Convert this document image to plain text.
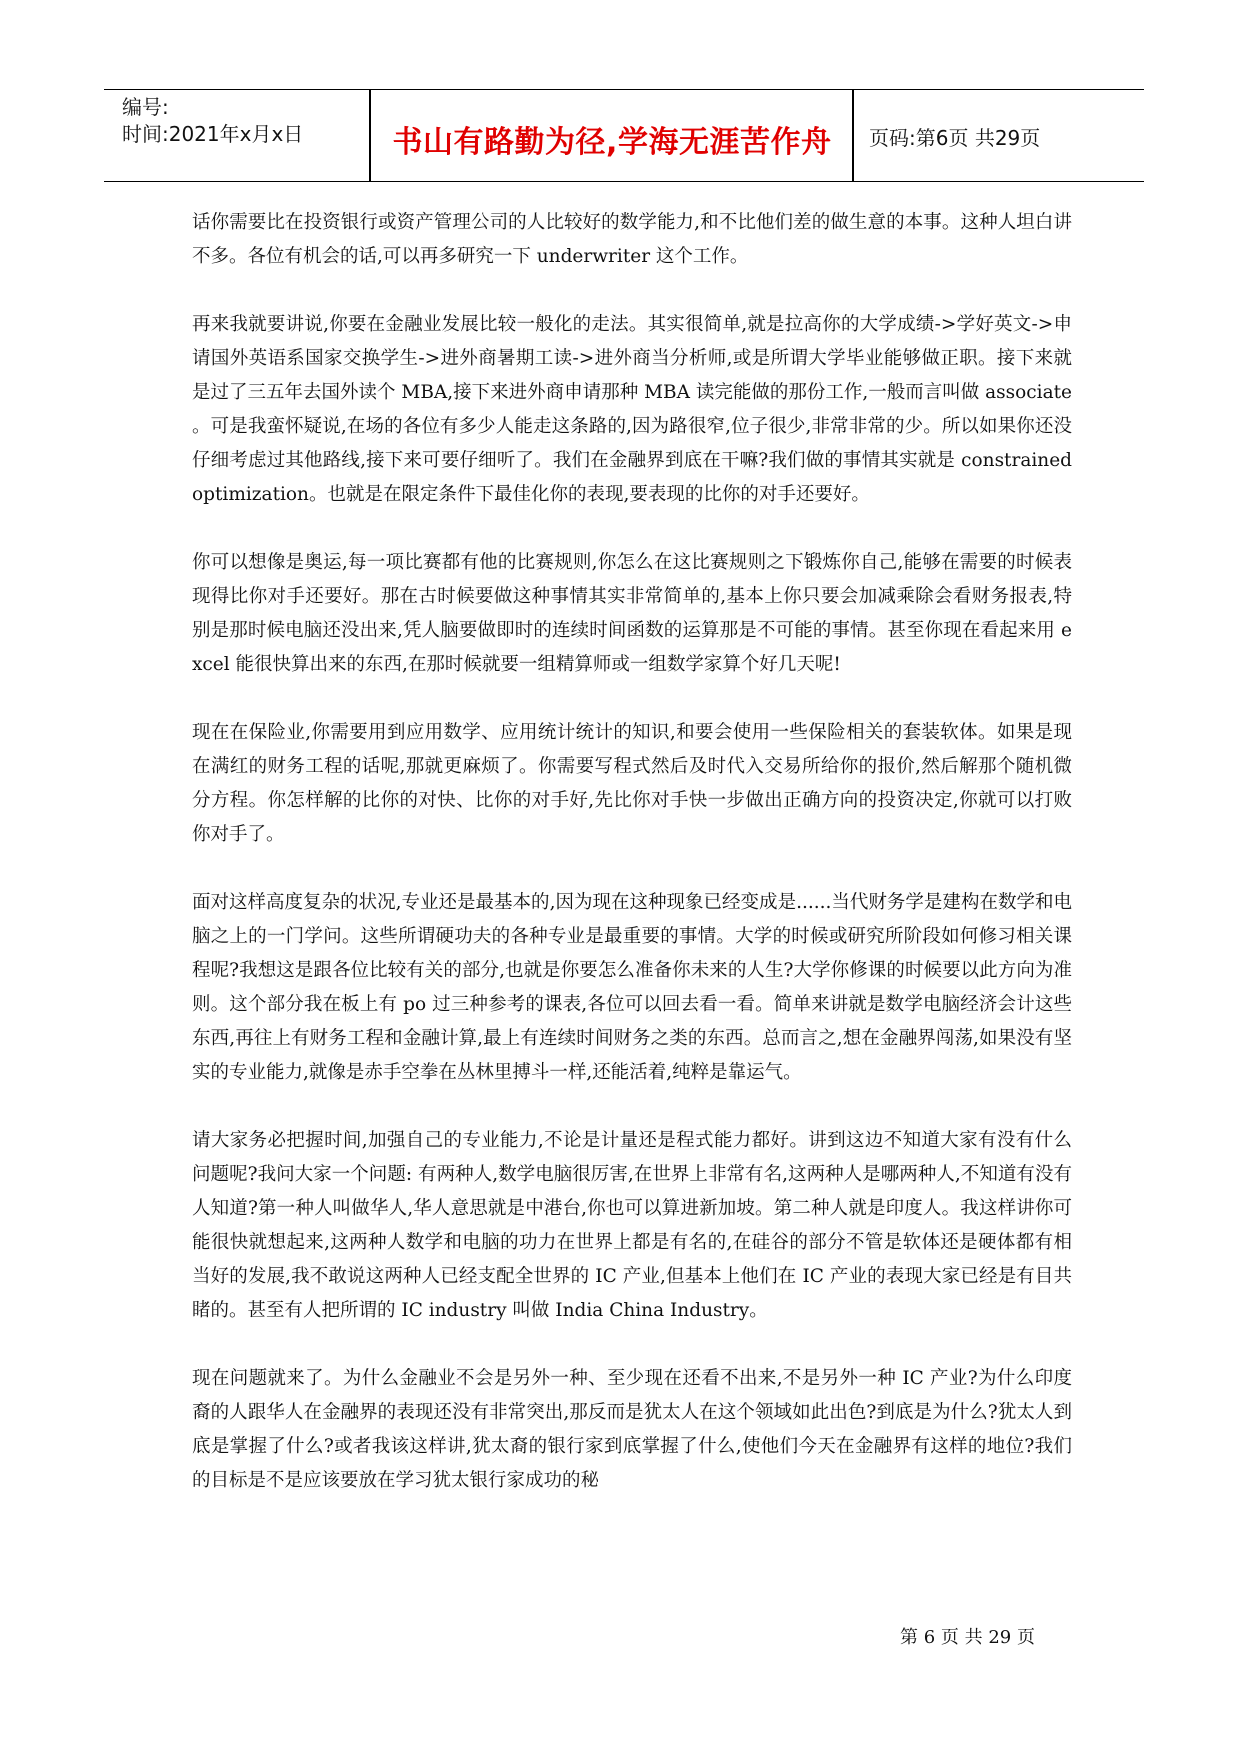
编号:
时间:2021年x月x日	书山有路勤为径,学海无涯苦作舟	页码:第6页 共29页

话你需要比在投资银行或资产管理公司的人比较好的数学能力,和不比他们差的做生意的本事。这种人坦白讲不多。各位有机会的话,可以再多研究一下 underwriter 这个工作。

再来我就要讲说,你要在金融业发展比较一般化的走法。其实很简单,就是拉高你的大学成绩->学好英文->申请国外英语系国家交换学生->进外商暑期工读->进外商当分析师,或是所谓大学毕业能够做正职。接下来就是过了三五年去国外读个 MBA,接下来进外商申请那种 MBA 读完能做的那份工作,一般而言叫做 associate 。可是我蛮怀疑说,在场的各位有多少人能走这条路的,因为路很窄,位子很少,非常非常的少。所以如果你还没仔细考虑过其他路线,接下来可要仔细听了。我们在金融界到底在干嘛?我们做的事情其实就是 constrained optimization。也就是在限定条件下最佳化你的表现,要表现的比你的对手还要好。

你可以想像是奥运,每一项比赛都有他的比赛规则,你怎么在这比赛规则之下锻炼你自己,能够在需要的时候表现得比你对手还要好。那在古时候要做这种事情其实非常简单的,基本上你只要会加减乘除会看财务报表,特别是那时候电脑还没出来,凭人脑要做即时的连续时间函数的运算那是不可能的事情。甚至你现在看起来用 excel 能很快算出来的东西,在那时候就要一组精算师或一组数学家算个好几天呢!

现在在保险业,你需要用到应用数学、应用统计统计的知识,和要会使用一些保险相关的套装软体。如果是现在满红的财务工程的话呢,那就更麻烦了。你需要写程式然后及时代入交易所给你的报价,然后解那个随机微分方程。你怎样解的比你的对快、比你的对手好,先比你对手快一步做出正确方向的投资决定,你就可以打败你对手了。

面对这样高度复杂的状况,专业还是最基本的,因为现在这种现象已经变成是......当代财务学是建构在数学和电脑之上的一门学问。这些所谓硬功夫的各种专业是最重要的事情。大学的时候或研究所阶段如何修习相关课程呢?我想这是跟各位比较有关的部分,也就是你要怎么准备你未来的人生?大学你修课的时候要以此方向为准则。这个部分我在板上有 po 过三种参考的课表,各位可以回去看一看。简单来讲就是数学电脑经济会计这些东西,再往上有财务工程和金融计算,最上有连续时间财务之类的东西。总而言之,想在金融界闯荡,如果没有坚实的专业能力,就像是赤手空拳在丛林里搏斗一样,还能活着,纯粹是靠运气。

请大家务必把握时间,加强自己的专业能力,不论是计量还是程式能力都好。讲到这边不知道大家有没有什么问题呢?我问大家一个问题: 有两种人,数学电脑很厉害,在世界上非常有名,这两种人是哪两种人,不知道有没有人知道?第一种人叫做华人,华人意思就是中港台,你也可以算进新加坡。第二种人就是印度人。我这样讲你可能很快就想起来,这两种人数学和电脑的功力在世界上都是有名的,在硅谷的部分不管是软体还是硬体都有相当好的发展,我不敢说这两种人已经支配全世界的 IC 产业,但基本上他们在 IC 产业的表现大家已经是有目共睹的。甚至有人把所谓的 IC industry 叫做 India China Industry。

现在问题就来了。为什么金融业不会是另外一种、至少现在还看不出来,不是另外一种 IC 产业?为什么印度裔的人跟华人在金融界的表现还没有非常突出,那反而是犹太人在这个领域如此出色?到底是为什么?犹太人到底是掌握了什么?或者我该这样讲,犹太裔的银行家到底掌握了什么,使他们今天在金融界有这样的地位?我们的目标是不是应该要放在学习犹太银行家成功的秘

第 6 页 共 29 页
